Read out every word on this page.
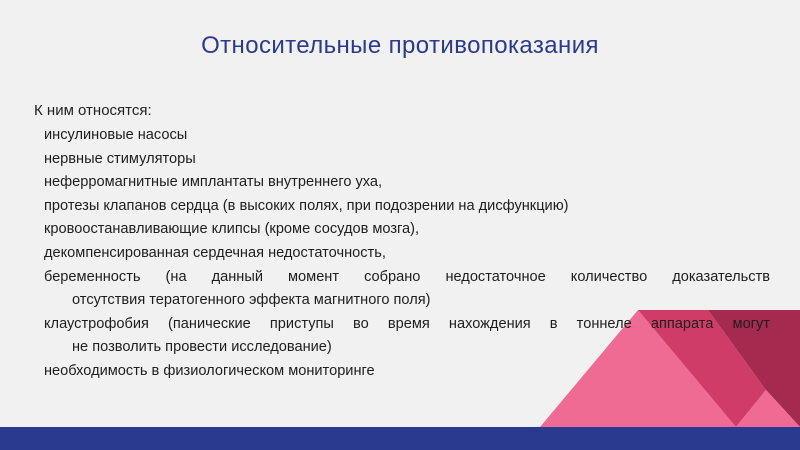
Относительные противопоказания
К ним относятся:
инсулиновые насосы
нервные стимуляторы
неферромагнитные имплантаты внутреннего уха,
протезы клапанов сердца (в высоких полях, при подозрении на дисфункцию)
кровоостанавливающие клипсы (кроме сосудов мозга),
декомпенсированная сердечная недостаточность,
беременность (на данный момент собрано недостаточное количество доказательств
отсутствия тератогенного эффекта магнитного поля)
клаустрофобия (панические приступы во время нахождения в тоннеле аппарата могут
не позволить провести исследование)
необходимость в физиологическом мониторинге
